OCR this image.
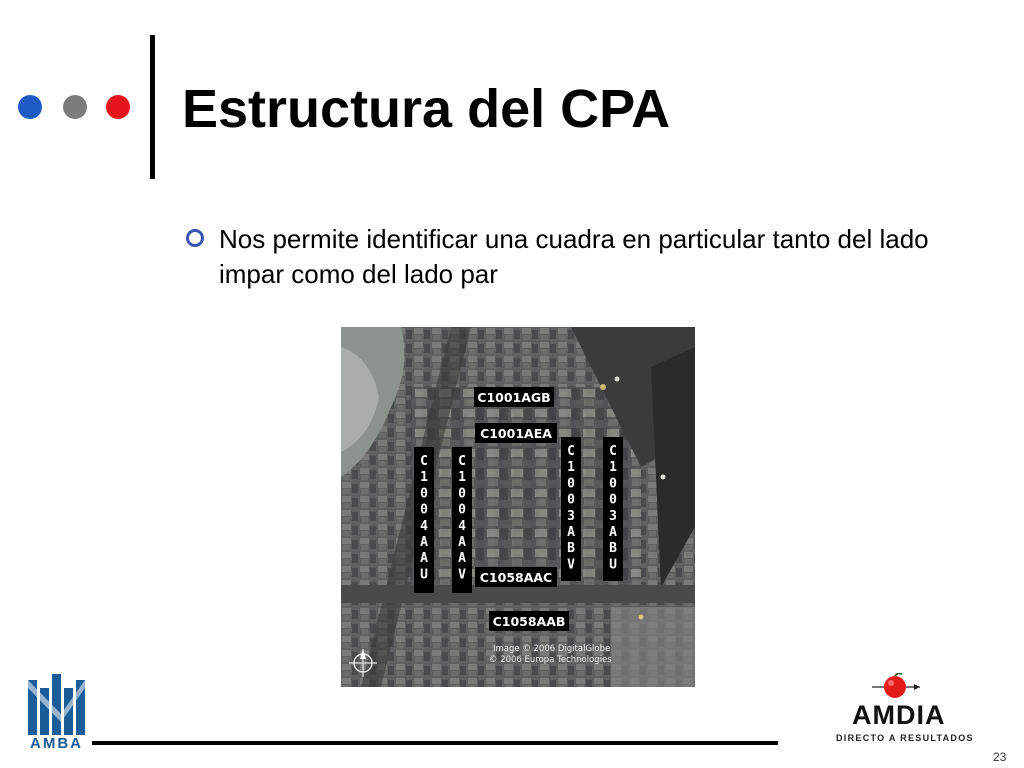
Estructura del CPA
Nos permite identificar una cuadra en particular tanto del lado impar como del lado par
C1001AGB
C1001AEA
C1058AAC
C1058AAB
C 1 0 0 4 A A U
C 1 0 0 4 A A V
C 1 0 0 3 A B V
C 1 0 0 3 A B U
Image © 2006 DigitalGlobe
© 2006 Europa Technologies
AMBA
AMDIA
DIRECTO A RESULTADOS
23
